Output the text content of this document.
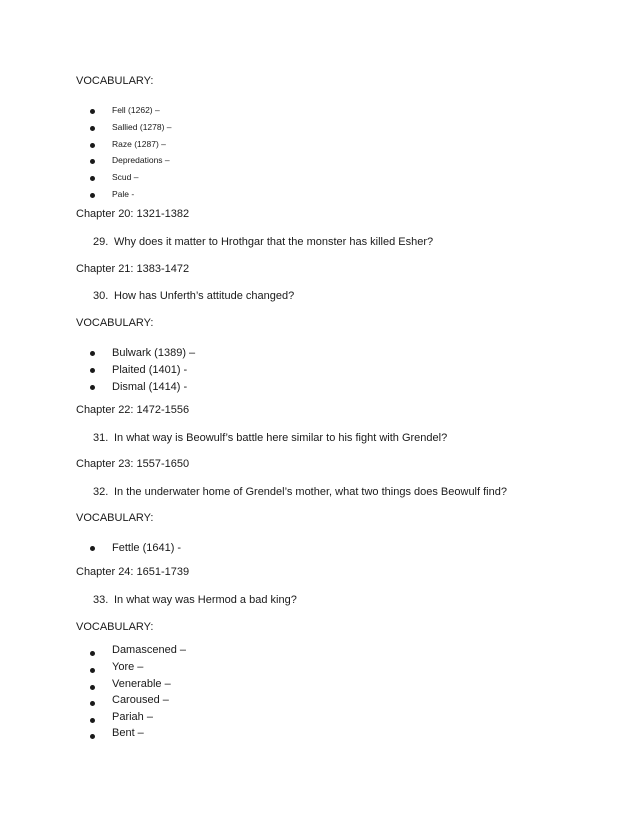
VOCABULARY:
Fell (1262) –
Sallied (1278) –
Raze (1287) –
Depredations –
Scud –
Pale -
Chapter 20: 1321-1382
29. Why does it matter to Hrothgar that the monster has killed Esher?
Chapter 21: 1383-1472
30. How has Unferth’s attitude changed?
VOCABULARY:
Bulwark (1389) –
Plaited (1401) -
Dismal (1414) -
Chapter 22: 1472-1556
31. In what way is Beowulf’s battle here similar to his fight with Grendel?
Chapter 23: 1557-1650
32. In the underwater home of Grendel’s mother, what two things does Beowulf find?
VOCABULARY:
Fettle (1641) -
Chapter 24: 1651-1739
33. In what way was Hermod a bad king?
VOCABULARY:
Damascened –
Yore –
Venerable –
Caroused –
Pariah –
Bent –
